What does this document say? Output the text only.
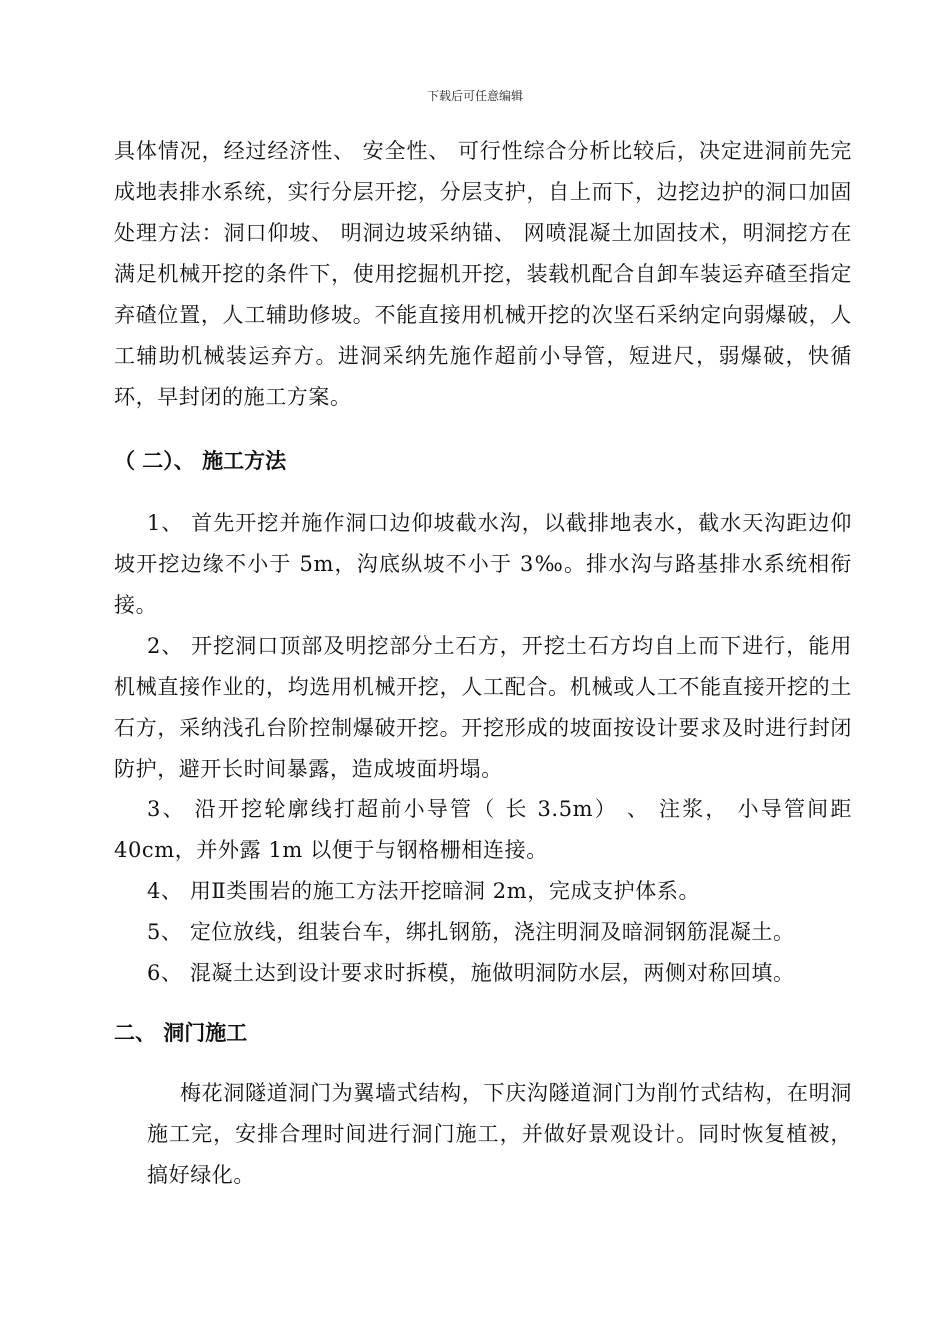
下载后可任意编辑

具体情况，经过经济性、 安全性、 可行性综合分析比较后，决定进洞前先完成地表排水系统，实行分层开挖，分层支护，自上而下，边挖边护的洞口加固处理方法：洞口仰坡、 明洞边坡采纳锚、 网喷混凝土加固技术，明洞挖方在满足机械开挖的条件下，使用挖掘机开挖，装载机配合自卸车装运弃碴至指定弃碴位置，人工辅助修坡。不能直接用机械开挖的次坚石采纳定向弱爆破，人工辅助机械装运弃方。进洞采纳先施作超前小导管，短进尺，弱爆破，快循环，早封闭的施工方案。

（ 二）、 施工方法

1、 首先开挖并施作洞口边仰坡截水沟，以截排地表水，截水天沟距边仰坡开挖边缘不小于 5m，沟底纵坡不小于 3‰。排水沟与路基排水系统相衔接。

2、 开挖洞口顶部及明挖部分土石方，开挖土石方均自上而下进行，能用机械直接作业的，均选用机械开挖，人工配合。机械或人工不能直接开挖的土石方，采纳浅孔台阶控制爆破开挖。开挖形成的坡面按设计要求及时进行封闭防护，避开长时间暴露，造成坡面坍塌。

3、 沿开挖轮廓线打超前小导管（ 长 3.5m） 、 注浆， 小导管间距 40cm，并外露 1m 以便于与钢格栅相连接。

4、 用Ⅱ类围岩的施工方法开挖暗洞 2m，完成支护体系。

5、 定位放线，组装台车，绑扎钢筋，浇注明洞及暗洞钢筋混凝土。

6、 混凝土达到设计要求时拆模，施做明洞防水层，两侧对称回填。

二、 洞门施工

梅花洞隧道洞门为翼墙式结构，下庆沟隧道洞门为削竹式结构，在明洞施工完，安排合理时间进行洞门施工，并做好景观设计。同时恢复植被，搞好绿化。
